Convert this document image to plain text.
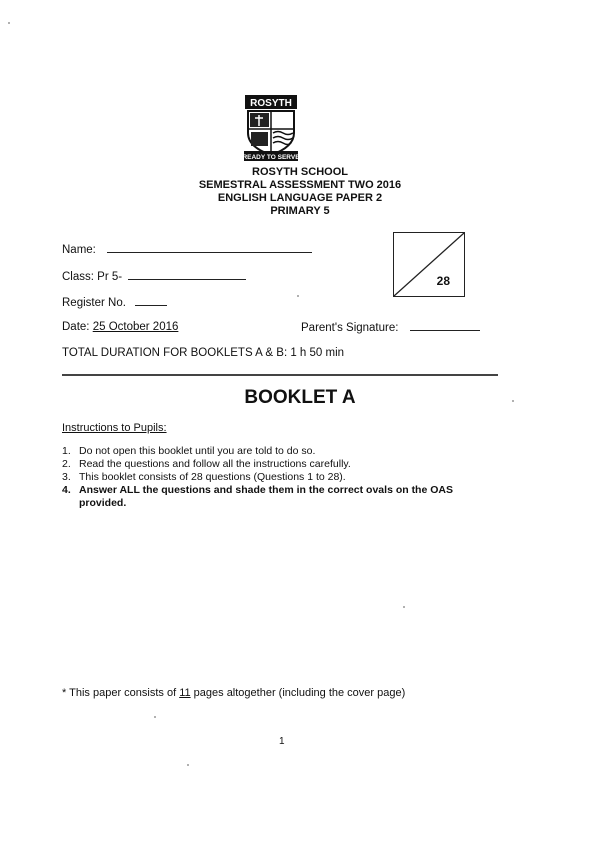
ROSYTH
READY TO SERVE
ROSYTH SCHOOL
SEMESTRAL ASSESSMENT TWO 2016
ENGLISH LANGUAGE PAPER 2
PRIMARY 5
Name:
Class: Pr 5-
Register No.
Date: 25 October 2016	Parent's Signature:
TOTAL DURATION FOR BOOKLETS A & B: 1 h 50 min
28
BOOKLET A
Instructions to Pupils:
1. Do not open this booklet until you are told to do so.
2. Read the questions and follow all the instructions carefully.
3. This booklet consists of 28 questions (Questions 1 to 28).
4. Answer ALL the questions and shade them in the correct ovals on the OAS provided.
* This paper consists of 11 pages altogether (including the cover page)
1
